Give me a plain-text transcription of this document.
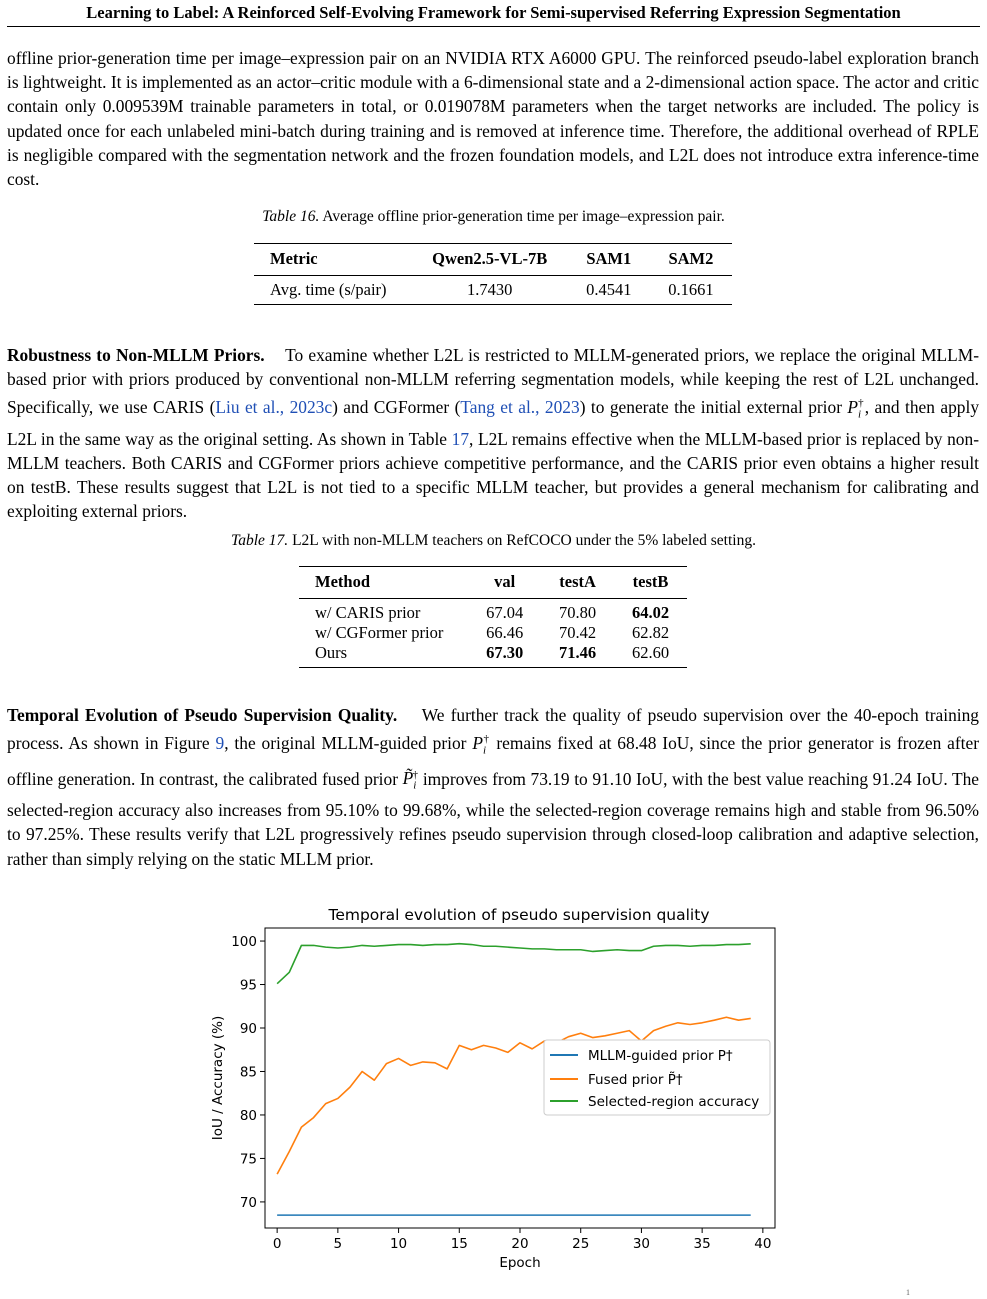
Learning to Label: A Reinforced Self-Evolving Framework for Semi-supervised Referring Expression Segmentation

offline prior-generation time per image–expression pair on an NVIDIA RTX A6000 GPU. The reinforced pseudo-label exploration branch is lightweight. It is implemented as an actor–critic module with a 6-dimensional state and a 2-dimensional action space. The actor and critic contain only 0.009539M trainable parameters in total, or 0.019078M parameters when the target networks are included. The policy is updated once for each unlabeled mini-batch during training and is removed at inference time. Therefore, the additional overhead of RPLE is negligible compared with the segmentation network and the frozen foundation models, and L2L does not introduce extra inference-time cost.

Table 16. Average offline prior-generation time per image–expression pair.
Metric	Qwen2.5-VL-7B	SAM1	SAM2
Avg. time (s/pair)	1.7430	0.4541	0.1661

Robustness to Non-MLLM Priors. To examine whether L2L is restricted to MLLM-generated priors, we replace the original MLLM-based prior with priors produced by conventional non-MLLM referring segmentation models, while keeping the rest of L2L unchanged. Specifically, we use CARIS (Liu et al., 2023c) and CGFormer (Tang et al., 2023) to generate the initial external prior $P_i^\dagger$, and then apply L2L in the same way as the original setting. As shown in Table 17, L2L remains effective when the MLLM-based prior is replaced by non-MLLM teachers. Both CARIS and CGFormer priors achieve competitive performance, and the CARIS prior even obtains a higher result on testB. These results suggest that L2L is not tied to a specific MLLM teacher, but provides a general mechanism for calibrating and exploiting external priors.

Table 17. L2L with non-MLLM teachers on RefCOCO under the 5% labeled setting.
Method	val	testA	testB
w/ CARIS prior	67.04	70.80	64.02
w/ CGFormer prior	66.46	70.42	62.82
Ours	67.30	71.46	62.60

Temporal Evolution of Pseudo Supervision Quality. We further track the quality of pseudo supervision over the 40-epoch training process. As shown in Figure 9, the original MLLM-guided prior $P_i^\dagger$ remains fixed at 68.48 IoU, since the prior generator is frozen after offline generation. In contrast, the calibrated fused prior $P̃_i^\dagger$ improves from 73.19 to 91.10 IoU, with the best value reaching 91.24 IoU. The selected-region accuracy also increases from 95.10% to 99.68%, while the selected-region coverage remains high and stable from 96.50% to 97.25%. These results verify that L2L progressively refines pseudo supervision through closed-loop calibration and adaptive selection, rather than simply relying on the static MLLM prior.

Temporal evolution of pseudo supervision quality
70
75
80
85
90
95
100
0	5	10	15	20	25	30	35	40
Epoch
IoU / Accuracy (%)	MLLM-guided prior P†
Fused prior P̃†
Selected-region accuracy
1
